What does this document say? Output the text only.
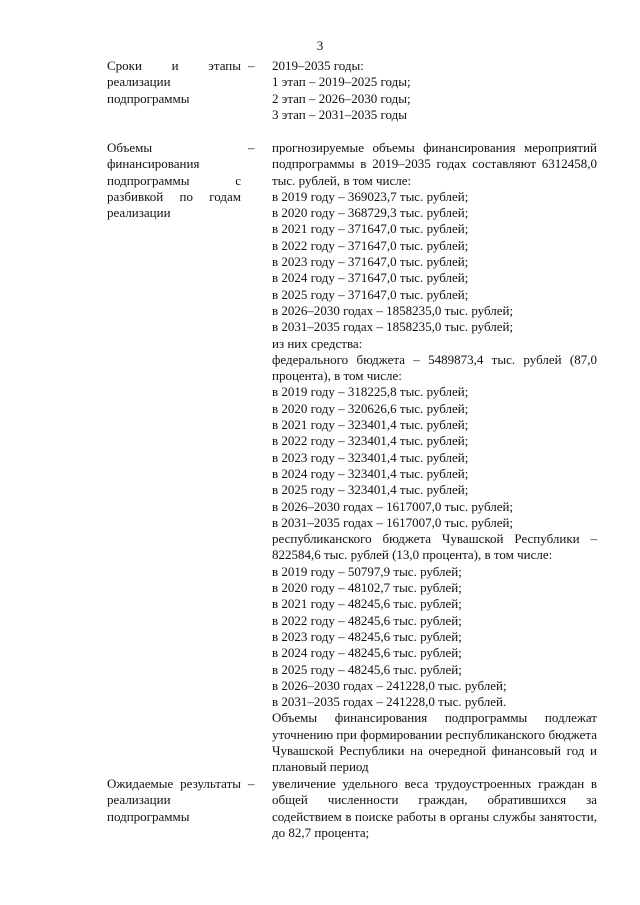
3
Сроки и этапы реализации подпрограммы
– 2019–2035 годы:
1 этап – 2019–2025 годы;
2 этап – 2026–2030 годы;
3 этап – 2031–2035 годы
Объемы финансирования подпрограммы с разбивкой по годам реализации
– прогнозируемые объемы финансирования мероприятий подпрограммы в 2019–2035 годах составляют 6312458,0 тыс. рублей, в том числе:
в 2019 году – 369023,7 тыс. рублей;
в 2020 году – 368729,3 тыс. рублей;
в 2021 году – 371647,0 тыс. рублей;
в 2022 году – 371647,0 тыс. рублей;
в 2023 году – 371647,0 тыс. рублей;
в 2024 году – 371647,0 тыс. рублей;
в 2025 году – 371647,0 тыс. рублей;
в 2026–2030 годах – 1858235,0 тыс. рублей;
в 2031–2035 годах – 1858235,0 тыс. рублей;
из них средства:
федерального бюджета – 5489873,4 тыс. рублей (87,0 процента), в том числе:
в 2019 году – 318225,8 тыс. рублей;
в 2020 году – 320626,6 тыс. рублей;
в 2021 году – 323401,4 тыс. рублей;
в 2022 году – 323401,4 тыс. рублей;
в 2023 году – 323401,4 тыс. рублей;
в 2024 году – 323401,4 тыс. рублей;
в 2025 году – 323401,4 тыс. рублей;
в 2026–2030 годах – 1617007,0 тыс. рублей;
в 2031–2035 годах – 1617007,0 тыс. рублей;
республиканского бюджета Чувашской Республики – 822584,6 тыс. рублей (13,0 процента), в том числе:
в 2019 году – 50797,9 тыс. рублей;
в 2020 году – 48102,7 тыс. рублей;
в 2021 году – 48245,6 тыс. рублей;
в 2022 году – 48245,6 тыс. рублей;
в 2023 году – 48245,6 тыс. рублей;
в 2024 году – 48245,6 тыс. рублей;
в 2025 году – 48245,6 тыс. рублей;
в 2026–2030 годах – 241228,0 тыс. рублей;
в 2031–2035 годах – 241228,0 тыс. рублей.
Объемы финансирования подпрограммы подлежат уточнению при формировании республиканского бюджета Чувашской Республики на очередной финансовый год и плановый период
Ожидаемые результаты реализации подпрограммы
– увеличение удельного веса трудоустроенных граждан в общей численности граждан, обратившихся за содействием в поиске работы в органы службы занятости, до 82,7 процента;
